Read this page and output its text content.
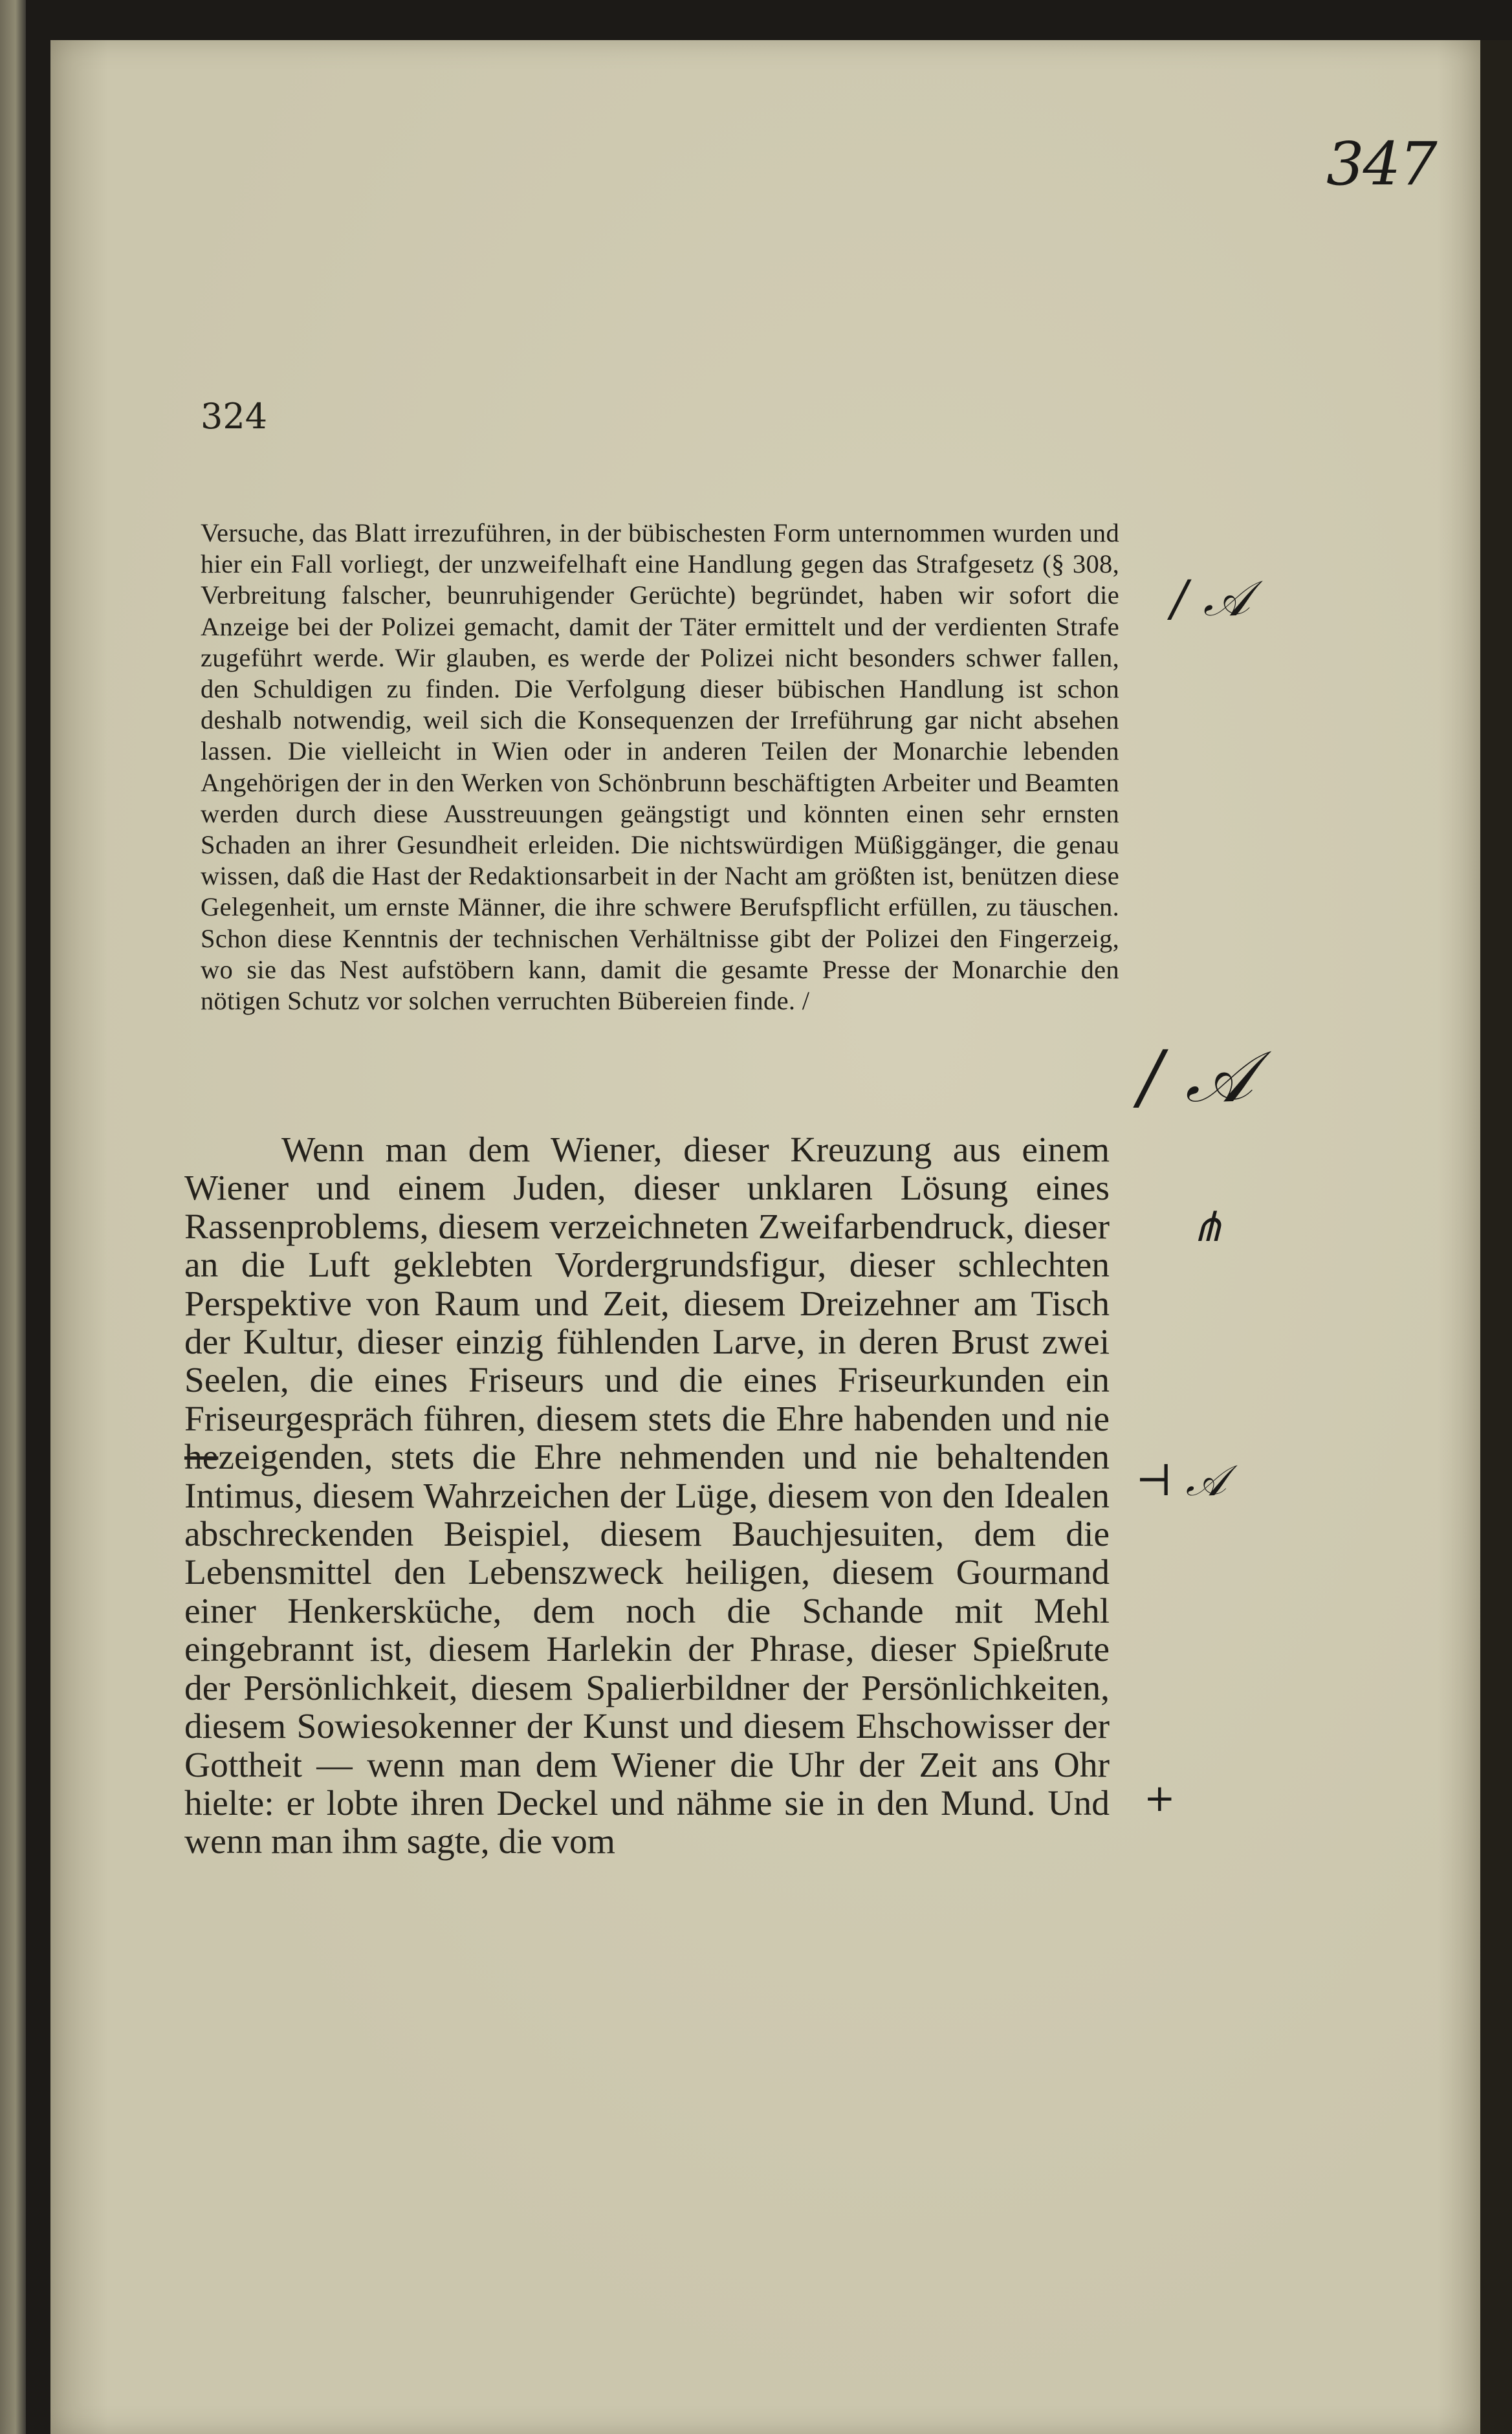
347
324

Versuche, das Blatt irrezuführen, in der bübischesten Form unternommen wurden und hier ein Fall vorliegt, der unzweifelhaft eine Handlung gegen das Strafgesetz (§ 308, Verbreitung falscher, beunruhigender Gerüchte) begründet, haben wir sofort die Anzeige bei der Polizei gemacht, damit der Täter ermittelt und der verdienten Strafe zugeführt werde. Wir glauben, es werde der Polizei nicht besonders schwer fallen, den Schuldigen zu finden. Die Verfolgung dieser bübischen Handlung ist schon deshalb notwendig, weil sich die Konsequenzen der Irreführung gar nicht absehen lassen. Die vielleicht in Wien oder in anderen Teilen der Monarchie lebenden Angehörigen der in den Werken von Schönbrunn beschäftigten Arbeiter und Beamten werden durch diese Ausstreuungen geängstigt und könnten einen sehr ernsten Schaden an ihrer Gesundheit erleiden. Die nichtswürdigen Müßiggänger, die genau wissen, daß die Hast der Redaktionsarbeit in der Nacht am größten ist, benützen diese Gelegenheit, um ernste Männer, die ihre schwere Berufspflicht erfüllen, zu täuschen. Schon diese Kenntnis der technischen Verhältnisse gibt der Polizei den Fingerzeig, wo sie das Nest aufstöbern kann, damit die gesamte Presse der Monarchie den nötigen Schutz vor solchen verruchten Bübereien finde. /

Wenn man dem Wiener, dieser Kreuzung aus einem Wiener und einem Juden, dieser unklaren Lösung eines Rassenproblems, diesem verzeichneten Zweifarbendruck, dieser an die Luft geklebten Vordergrundsfigur, dieser schlechten Perspektive von Raum und Zeit, diesem Dreizehner am Tisch der Kultur, dieser einzig fühlenden Larve, in deren Brust zwei Seelen, die eines Friseurs und die eines Friseurkunden ein Friseurgespräch führen, diesem stets die Ehre habenden und nie hezeigenden, stets die Ehre nehmenden und nie behaltenden Intimus, diesem Wahrzeichen der Lüge, diesem von den Idealen abschreckenden Beispiel, diesem Bauchjesuiten, dem die Lebensmittel den Lebenszweck heiligen, diesem Gourmand einer Henkersküche, dem noch die Schande mit Mehl eingebrannt ist, diesem Harlekin der Phrase, dieser Spießrute der Persönlichkeit, diesem Spalierbildner der Persönlichkeiten, diesem Sowiesokenner der Kunst und diesem Ehschowisser der Gottheit — wenn man dem Wiener die Uhr der Zeit ans Ohr hielte: er lobte ihren Deckel und nähme sie in den Mund. Und wenn man ihm sagte, die vom

/ 𝒜
/ 𝒜
⋔
⊣ 𝒜
+
